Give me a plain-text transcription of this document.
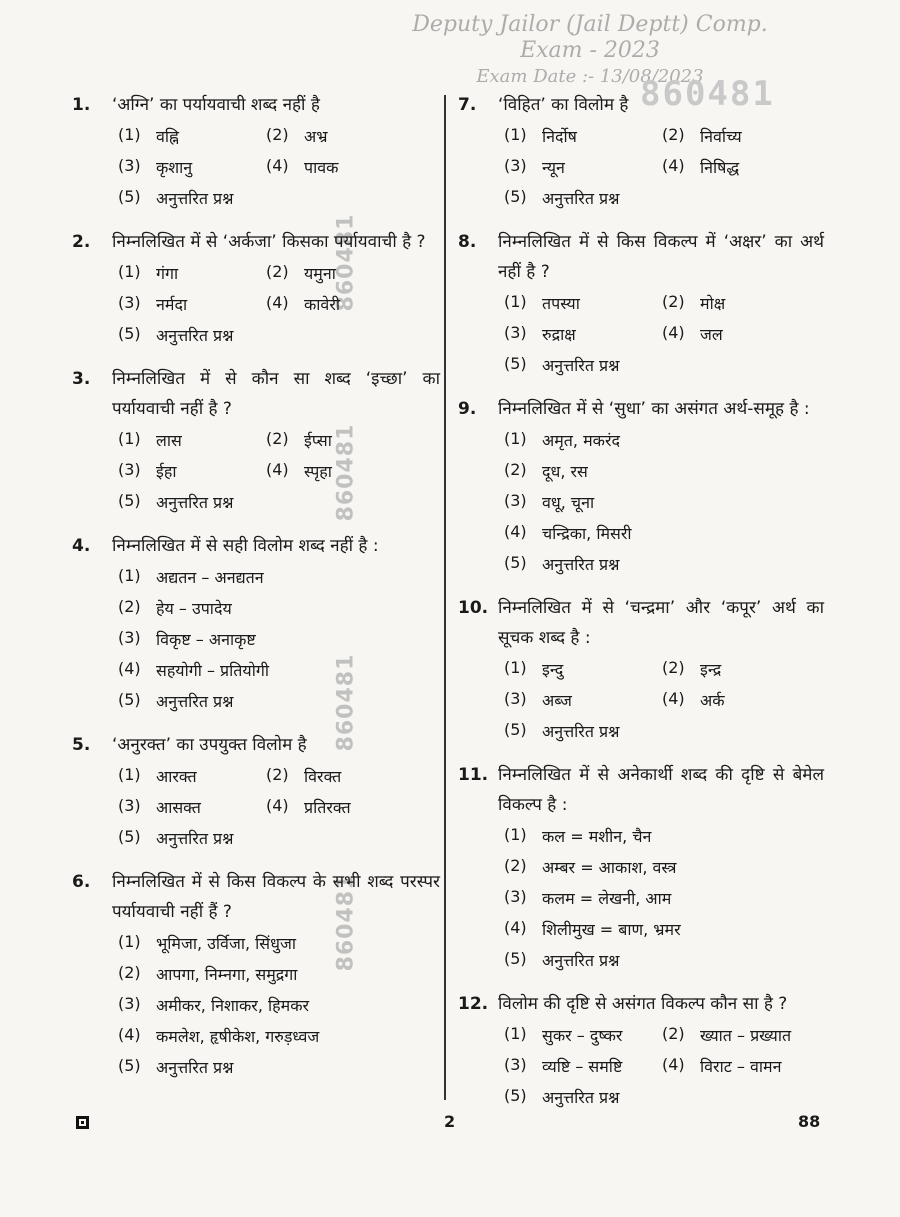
Deputy Jailor (Jail Deptt) Comp. Exam - 2023
Exam Date :- 13/08/2023
860481
860481
860481
860481
860481
1.	‘अग्नि’ का पर्यायवाची शब्द नहीं है
(1) वह्नि	(2) अभ्र
(3) कृशानु	(4) पावक
(5) अनुत्तरित प्रश्न
2.	निम्नलिखित में से ‘अर्कजा’ किसका पर्यायवाची है ?
(1) गंगा	(2) यमुना
(3) नर्मदा	(4) कावेरी
(5) अनुत्तरित प्रश्न
3.	निम्नलिखित में से कौन सा शब्द ‘इच्छा’ का पर्यायवाची नहीं है ?
(1) लास	(2) ईप्सा
(3) ईहा	(4) स्पृहा
(5) अनुत्तरित प्रश्न
4.	निम्नलिखित में से सही विलोम शब्द नहीं है :
(1) अद्यतन – अनद्यतन
(2) हेय – उपादेय
(3) विकृष्ट – अनाकृष्ट
(4) सहयोगी – प्रतियोगी
(5) अनुत्तरित प्रश्न
5.	‘अनुरक्त’ का उपयुक्त विलोम है
(1) आरक्त	(2) विरक्त
(3) आसक्त	(4) प्रतिरक्त
(5) अनुत्तरित प्रश्न
6.	निम्नलिखित में से किस विकल्प के सभी शब्द परस्पर पर्यायवाची नहीं हैं ?
(1) भूमिजा, उर्विजा, सिंधुजा
(2) आपगा, निम्नगा, समुद्रगा
(3) अमीकर, निशाकर, हिमकर
(4) कमलेश, हृषीकेश, गरुड़ध्वज
(5) अनुत्तरित प्रश्न
7.	‘विहित’ का विलोम है
(1) निर्दोष	(2) निर्वाच्य
(3) न्यून	(4) निषिद्ध
(5) अनुत्तरित प्रश्न
8.	निम्नलिखित में से किस विकल्प में ‘अक्षर’ का अर्थ नहीं है ?
(1) तपस्या	(2) मोक्ष
(3) रुद्राक्ष	(4) जल
(5) अनुत्तरित प्रश्न
9.	निम्नलिखित में से ‘सुधा’ का असंगत अर्थ-समूह है :
(1) अमृत, मकरंद
(2) दूध, रस
(3) वधू, चूना
(4) चन्द्रिका, मिसरी
(5) अनुत्तरित प्रश्न
10. निम्नलिखित में से ‘चन्द्रमा’ और ‘कपूर’ अर्थ का सूचक शब्द है :
(1) इन्दु	(2) इन्द्र
(3) अब्ज	(4) अर्क
(5) अनुत्तरित प्रश्न
11. निम्नलिखित में से अनेकार्थी शब्द की दृष्टि से बेमेल विकल्प है :
(1) कल = मशीन, चैन
(2) अम्बर = आकाश, वस्त्र
(3) कलम = लेखनी, आम
(4) शिलीमुख = बाण, भ्रमर
(5) अनुत्तरित प्रश्न
12. विलोम की दृष्टि से असंगत विकल्प कौन सा है ?
(1) सुकर – दुष्कर (2) ख्यात – प्रख्यात
(3) व्यष्टि – समष्टि (4) विराट – वामन
(5) अनुत्तरित प्रश्न
2	88
